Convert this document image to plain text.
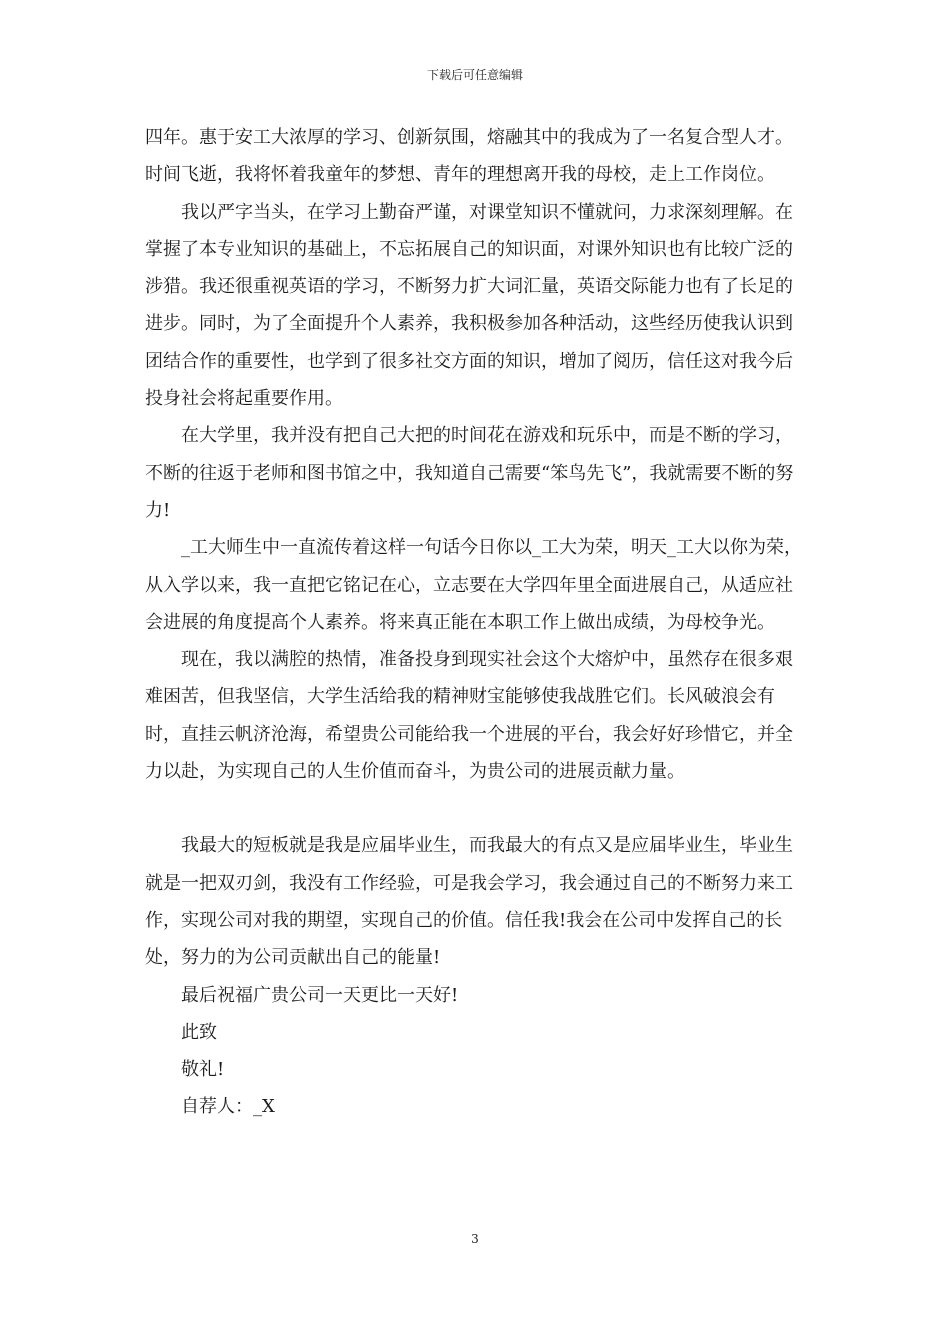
下载后可任意编辑

四年。惠于安工大浓厚的学习、创新氛围，熔融其中的我成为了一名复合型人才。时间飞逝，我将怀着我童年的梦想、青年的理想离开我的母校，走上工作岗位。

我以严字当头，在学习上勤奋严谨，对课堂知识不懂就问，力求深刻理解。在掌握了本专业知识的基础上，不忘拓展自己的知识面，对课外知识也有比较广泛的涉猎。我还很重视英语的学习，不断努力扩大词汇量，英语交际能力也有了长足的进步。同时，为了全面提升个人素养，我积极参加各种活动，这些经历使我认识到团结合作的重要性，也学到了很多社交方面的知识，增加了阅历，信任这对我今后投身社会将起重要作用。

在大学里，我并没有把自己大把的时间花在游戏和玩乐中，而是不断的学习，不断的往返于老师和图书馆之中，我知道自己需要“笨鸟先飞”，我就需要不断的努力!

_工大师生中一直流传着这样一句话今日你以_工大为荣，明天_工大以你为荣，从入学以来，我一直把它铭记在心，立志要在大学四年里全面进展自己，从适应社会进展的角度提高个人素养。将来真正能在本职工作上做出成绩，为母校争光。

现在，我以满腔的热情，准备投身到现实社会这个大熔炉中，虽然存在很多艰难困苦，但我坚信，大学生活给我的精神财宝能够使我战胜它们。长风破浪会有时，直挂云帆济沧海，希望贵公司能给我一个进展的平台，我会好好珍惜它，并全力以赴，为实现自己的人生价值而奋斗，为贵公司的进展贡献力量。

我最大的短板就是我是应届毕业生，而我最大的有点又是应届毕业生，毕业生就是一把双刃剑，我没有工作经验，可是我会学习，我会通过自己的不断努力来工作，实现公司对我的期望，实现自己的价值。信任我!我会在公司中发挥自己的长处，努力的为公司贡献出自己的能量!

最后祝福广贵公司一天更比一天好!

此致

敬礼!

自荐人：_X

3
